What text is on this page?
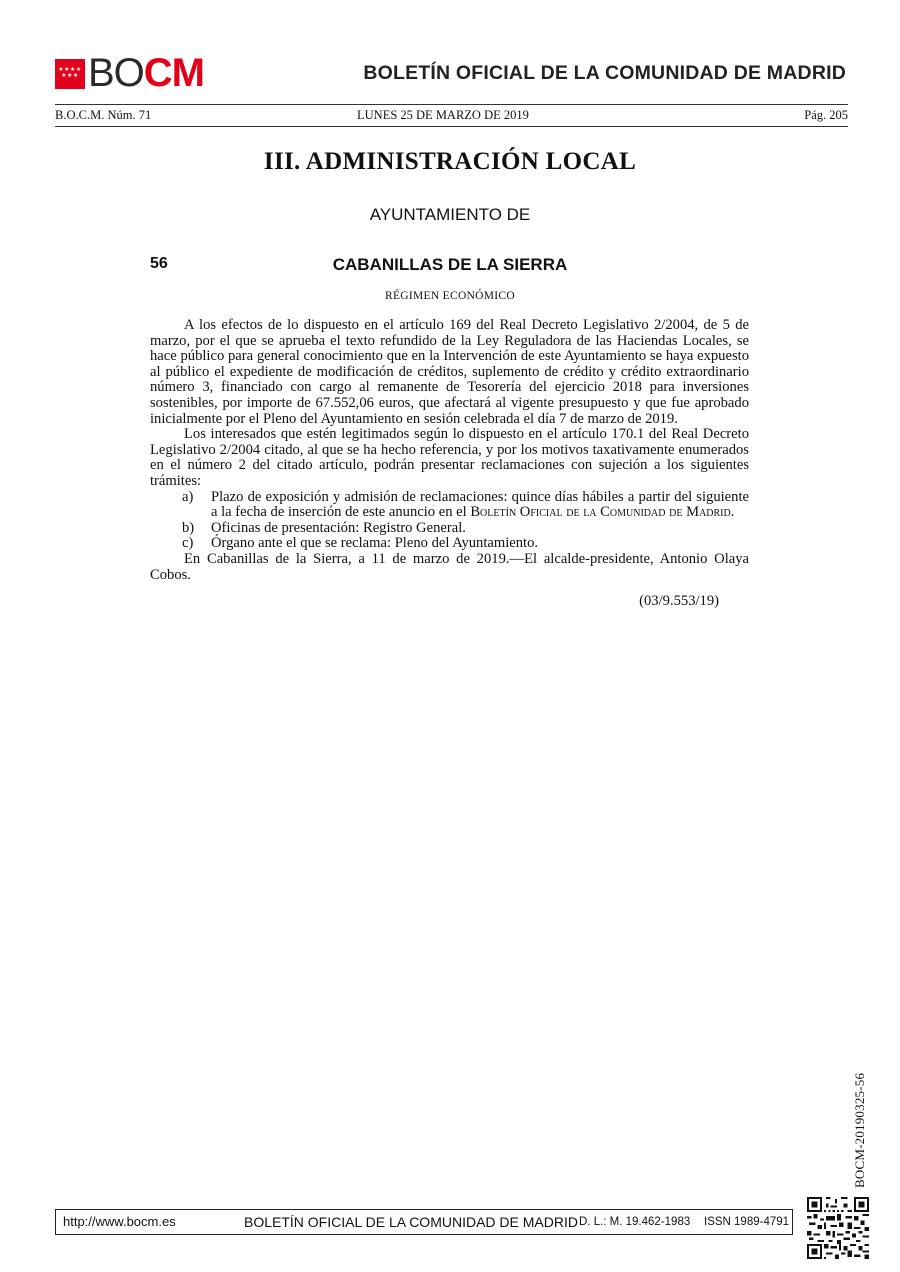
★★★★
★★★ BOCM	BOLETÍN OFICIAL DE LA COMUNIDAD DE MADRID
B.O.C.M. Núm. 71	LUNES 25 DE MARZO DE 2019	Pág. 205
III. ADMINISTRACIÓN LOCAL
AYUNTAMIENTO DE
56	CABANILLAS DE LA SIERRA
RÉGIMEN ECONÓMICO

A los efectos de lo dispuesto en el artículo 169 del Real Decreto Legislativo 2/2004, de 5 de marzo, por el que se aprueba el texto refundido de la Ley Reguladora de las Haciendas Locales, se hace público para general conocimiento que en la Intervención de este Ayuntamiento se haya expuesto al público el expediente de modificación de créditos, suplemento de crédito y crédito extraordinario número 3, financiado con cargo al remanente de Tesorería del ejercicio 2018 para inversiones sostenibles, por importe de 67.552,06 euros, que afectará al vigente presupuesto y que fue aprobado inicialmente por el Pleno del Ayuntamiento en sesión celebrada el día 7 de marzo de 2019.

Los interesados que estén legitimados según lo dispuesto en el artículo 170.1 del Real Decreto Legislativo 2/2004 citado, al que se ha hecho referencia, y por los motivos taxativamente enumerados en el número 2 del citado artículo, podrán presentar reclamaciones con sujeción a los siguientes trámites:

a) Plazo de exposición y admisión de reclamaciones: quince días hábiles a partir del siguiente a la fecha de inserción de este anuncio en el Boletín Oficial de la Comunidad de Madrid.
b) Oficinas de presentación: Registro General.
c) Órgano ante el que se reclama: Pleno del Ayuntamiento.

En Cabanillas de la Sierra, a 11 de marzo de 2019.—El alcalde-presidente, Antonio Olaya Cobos.

(03/9.553/19)
BOCM-20190325-56
http://www.bocm.es	BOLETÍN OFICIAL DE LA COMUNIDAD DE MADRID D. L.: M. 19.462-1983 ISSN 1989-4791
